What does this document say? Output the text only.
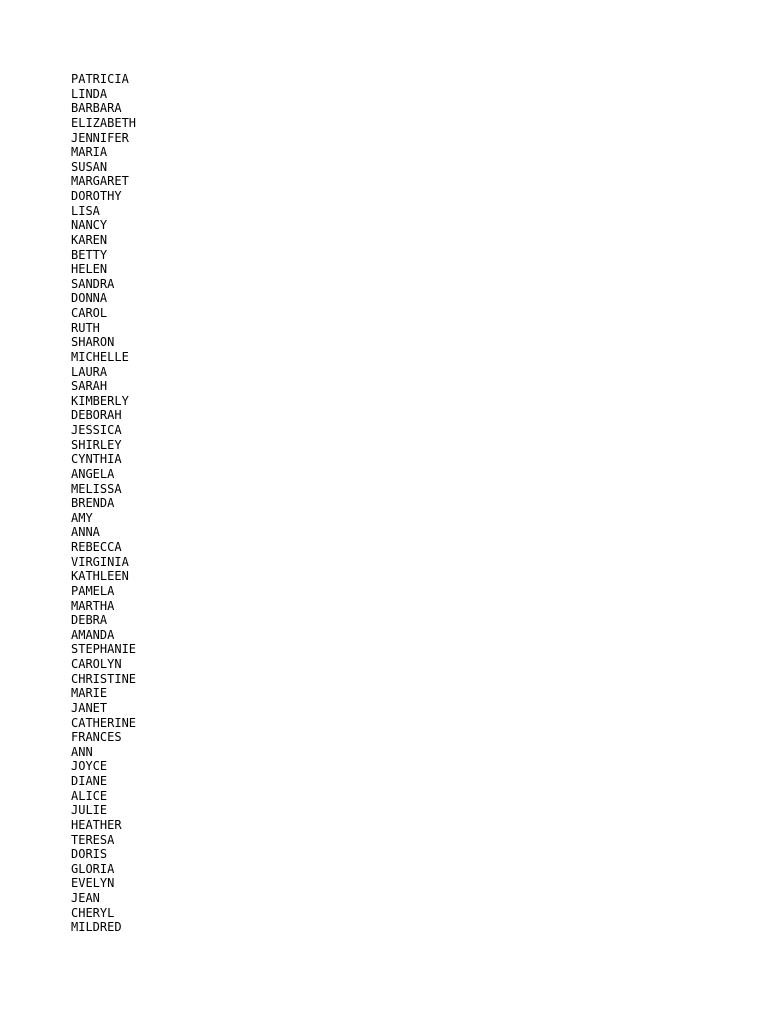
PATRICIA
LINDA
BARBARA
ELIZABETH
JENNIFER
MARIA
SUSAN
MARGARET
DOROTHY
LISA
NANCY
KAREN
BETTY
HELEN
SANDRA
DONNA
CAROL
RUTH
SHARON
MICHELLE
LAURA
SARAH
KIMBERLY
DEBORAH
JESSICA
SHIRLEY
CYNTHIA
ANGELA
MELISSA
BRENDA
AMY
ANNA
REBECCA
VIRGINIA
KATHLEEN
PAMELA
MARTHA
DEBRA
AMANDA
STEPHANIE
CAROLYN
CHRISTINE
MARIE
JANET
CATHERINE
FRANCES
ANN
JOYCE
DIANE
ALICE
JULIE
HEATHER
TERESA
DORIS
GLORIA
EVELYN
JEAN
CHERYL
MILDRED
